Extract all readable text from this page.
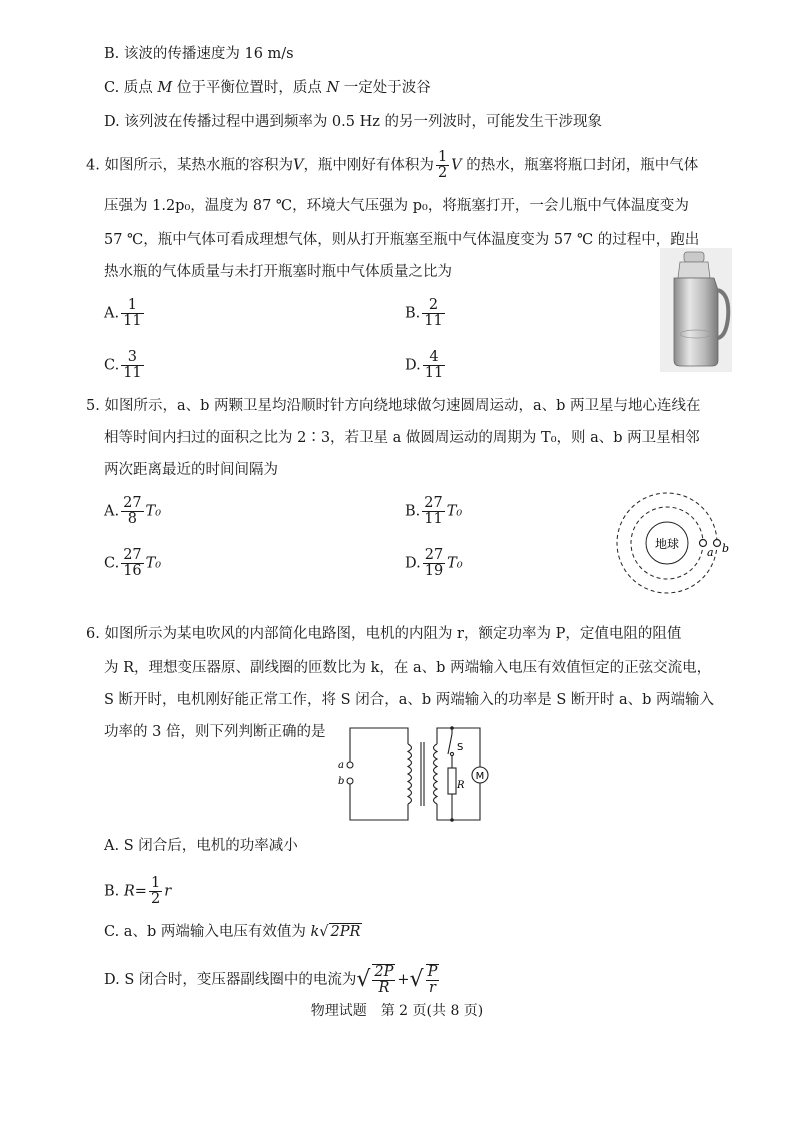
B. 该波的传播速度为 16 m/s
C. 质点 M 位于平衡位置时，质点 N 一定处于波谷
D. 该列波在传播过程中遇到频率为 0.5 Hz 的另一列波时，可能发生干涉现象
4. 如图所示，某热水瓶的容积为V，瓶中刚好有体积为 $\frac{1}{2}$ V 的热水，瓶塞将瓶口封闭，瓶中气体
压强为 1.2p₀，温度为 87 ℃，环境大气压强为 p₀，将瓶塞打开，一会儿瓶中气体温度变为
57 ℃，瓶中气体可看成理想气体，则从打开瓶塞至瓶中气体温度变为 57 ℃ 的过程中，跑出
热水瓶的气体质量与未打开瓶塞时瓶中气体质量之比为
A. $\frac{1}{11}$	B. $\frac{2}{11}$
C. $\frac{3}{11}$	D. $\frac{4}{11}$
5. 如图所示，a、b 两颗卫星均沿顺时针方向绕地球做匀速圆周运动，a、b 两卫星与地心连线在
相等时间内扫过的面积之比为 2∶3，若卫星 a 做圆周运动的周期为 T₀，则 a、b 两卫星相邻
两次距离最近的时间间隔为
A. $\frac{27}{8} T_0$	B. $\frac{27}{11} T_0$
C. $\frac{27}{16} T_0$	D. $\frac{27}{19} T_0$
地球
a b
6. 如图所示为某电吹风的内部简化电路图，电机的内阻为 r，额定功率为 P，定值电阻的阻值
为 R，理想变压器原、副线圈的匝数比为 k，在 a、b 两端输入电压有效值恒定的正弦交流电，
S 断开时，电机刚好能正常工作，将 S 闭合，a、b 两端输入的功率是 S 断开时 a、b 两端输入
功率的 3 倍，则下列判断正确的是
a
b
S
R
M
A. S 闭合后，电机的功率减小
B. $R= \frac{1}{2}$ r
C. a、b 两端输入电压有效值为 k√ 2PR
D. S 闭合时，变压器副线圈中的电流为√ $\frac{2P}{R}$ +√ $\frac{P}{r}$
物理试题　第 2 页(共 8 页)
